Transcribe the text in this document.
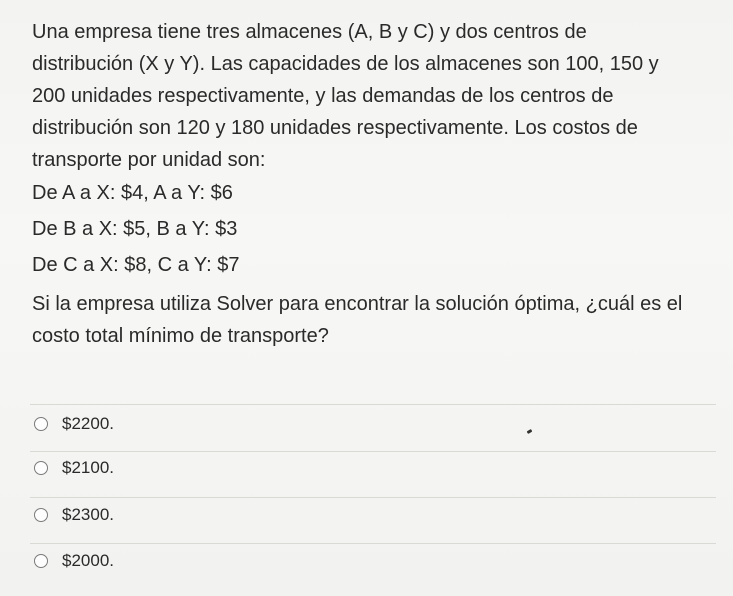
Una empresa tiene tres almacenes (A, B y C) y dos centros de
distribución (X y Y). Las capacidades de los almacenes son 100, 150 y
200 unidades respectivamente, y las demandas de los centros de
distribución son 120 y 180 unidades respectivamente. Los costos de
transporte por unidad son:
De A a X: $4, A a Y: $6
De B a X: $5, B a Y: $3
De C a X: $8, C a Y: $7
Si la empresa utiliza Solver para encontrar la solución óptima, ¿cuál es el
costo total mínimo de transporte?
$2200.
$2100.
$2300.
$2000.
